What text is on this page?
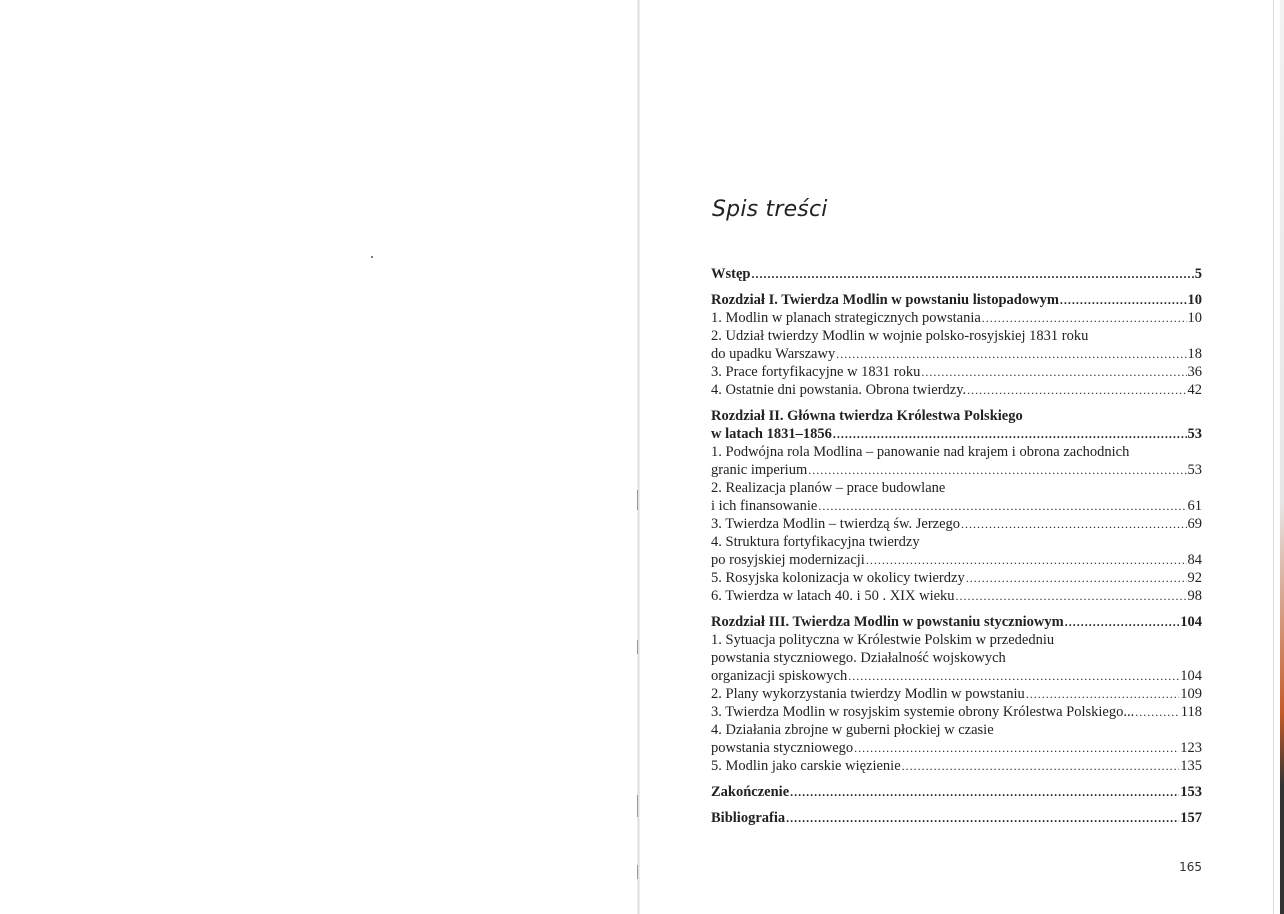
Spis treści
Wstęp .....	5
Rozdział I. Twierdza Modlin w powstaniu listopadowym .....	10
1. Modlin w planach strategicznych powstania .....	10
2. Udział twierdzy Modlin w wojnie polsko-rosyjskiej 1831 roku
do upadku Warszawy .....	18
3. Prace fortyfikacyjne w 1831 roku .....	36
4. Ostatnie dni powstania. Obrona twierdzy. .....	42
Rozdział II. Główna twierdza Królestwa Polskiego
w latach 1831–1856 .....	53
1. Podwójna rola Modlina – panowanie nad krajem i obrona zachodnich
granic imperium .....	53
2. Realizacja planów – prace budowlane
i ich finansowanie .....	61
3. Twierdza Modlin – twierdzą św. Jerzego .....	69
4. Struktura fortyfikacyjna twierdzy
po rosyjskiej modernizacji .....	84
5. Rosyjska kolonizacja w okolicy twierdzy .....	92
6. Twierdza w latach 40. i 50 . XIX wieku .....	98
Rozdział III. Twierdza Modlin w powstaniu styczniowym .....	104
1. Sytuacja polityczna w Królestwie Polskim w przededniu
powstania styczniowego. Działalność wojskowych
organizacji spiskowych .....	104
2. Plany wykorzystania twierdzy Modlin w powstaniu .....	109
3. Twierdza Modlin w rosyjskim systemie obrony Królestwa Polskiego... .....	118
4. Działania zbrojne w guberni płockiej w czasie
powstania styczniowego .....	123
5. Modlin jako carskie więzienie .....	135
Zakończenie .....	153
Bibliografia .....	157
165
